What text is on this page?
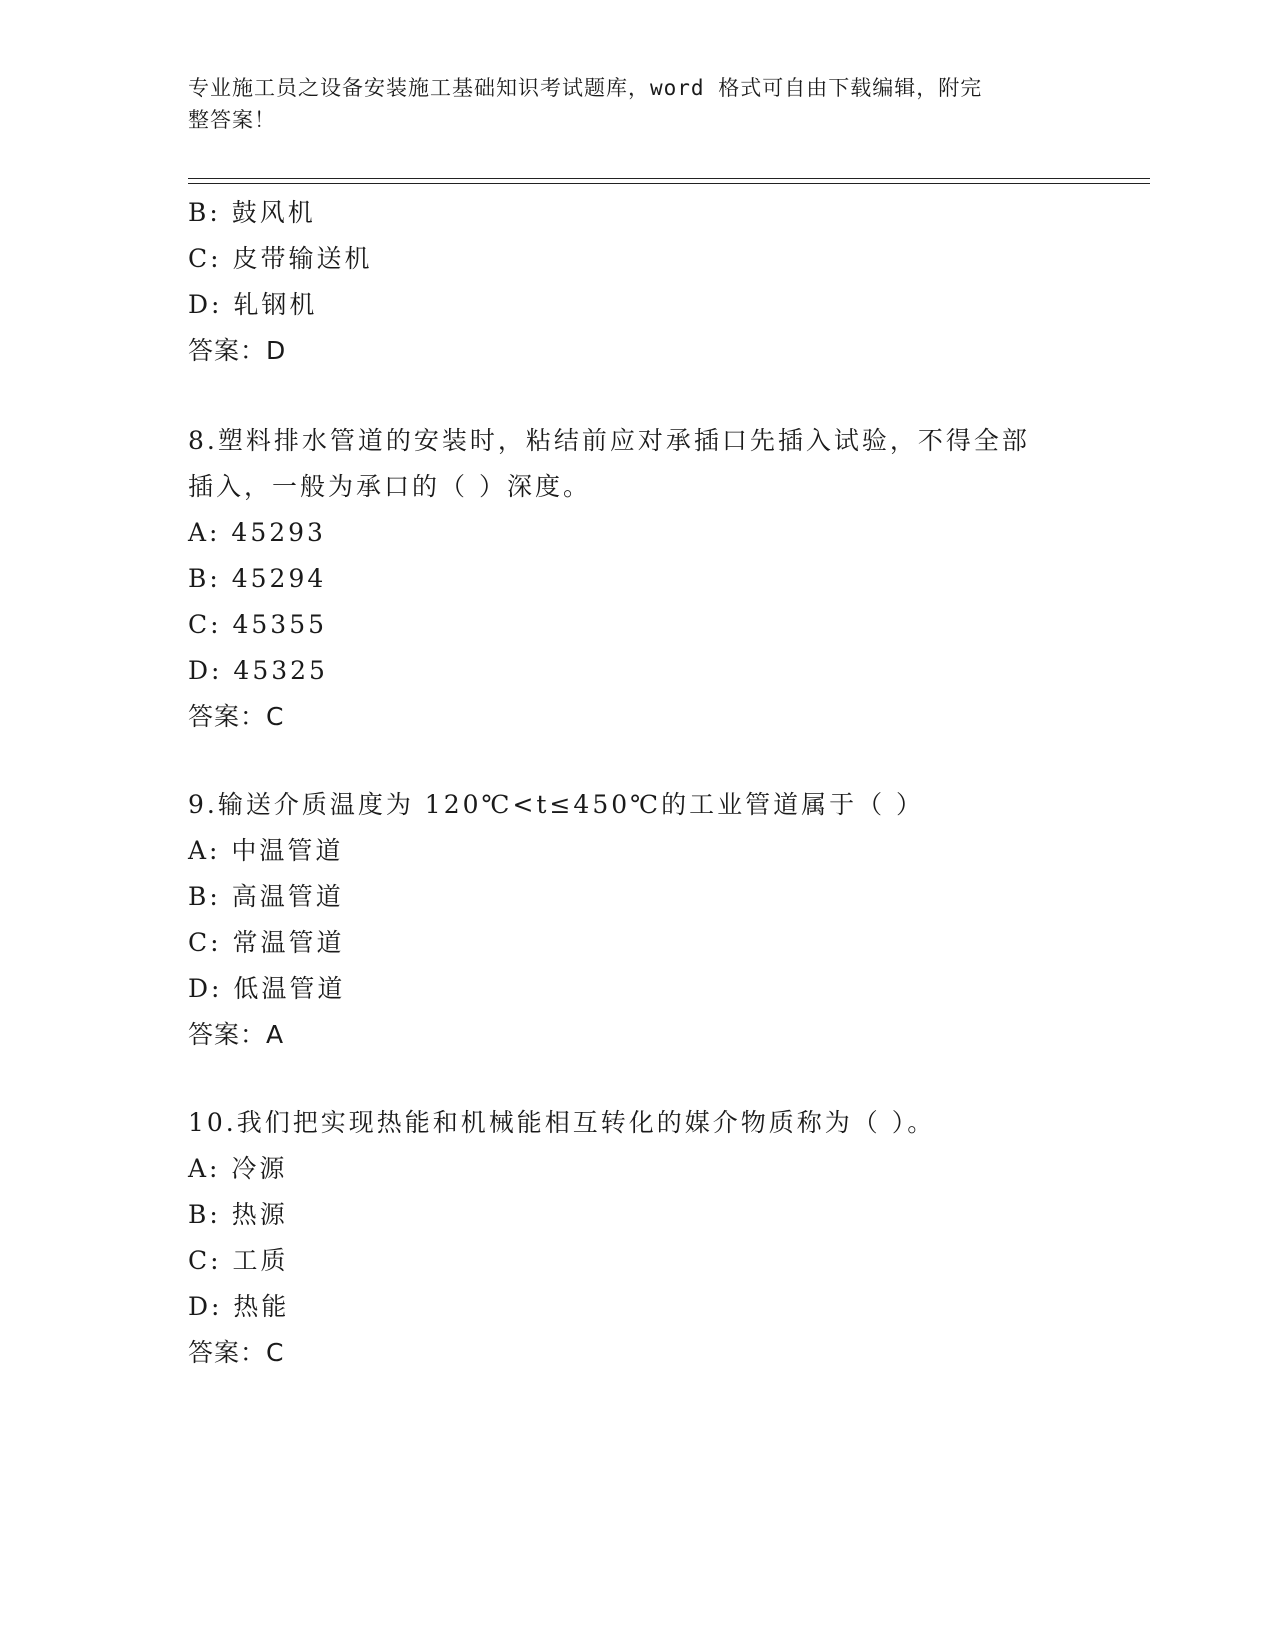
专业施工员之设备安装施工基础知识考试题库，word 格式可自由下载编辑，附完
整答案！
B: 鼓风机
C: 皮带输送机
D: 轧钢机
答案：D
8.塑料排水管道的安装时，粘结前应对承插口先插入试验，不得全部
插入，一般为承口的（ ）深度。
A: 45293
B: 45294
C: 45355
D: 45325
答案：C
9.输送介质温度为 120℃<t≤450℃的工业管道属于（ ）
A: 中温管道
B: 高温管道
C: 常温管道
D: 低温管道
答案：A
10.我们把实现热能和机械能相互转化的媒介物质称为（ ）。
A: 冷源
B: 热源
C: 工质
D: 热能
答案：C
